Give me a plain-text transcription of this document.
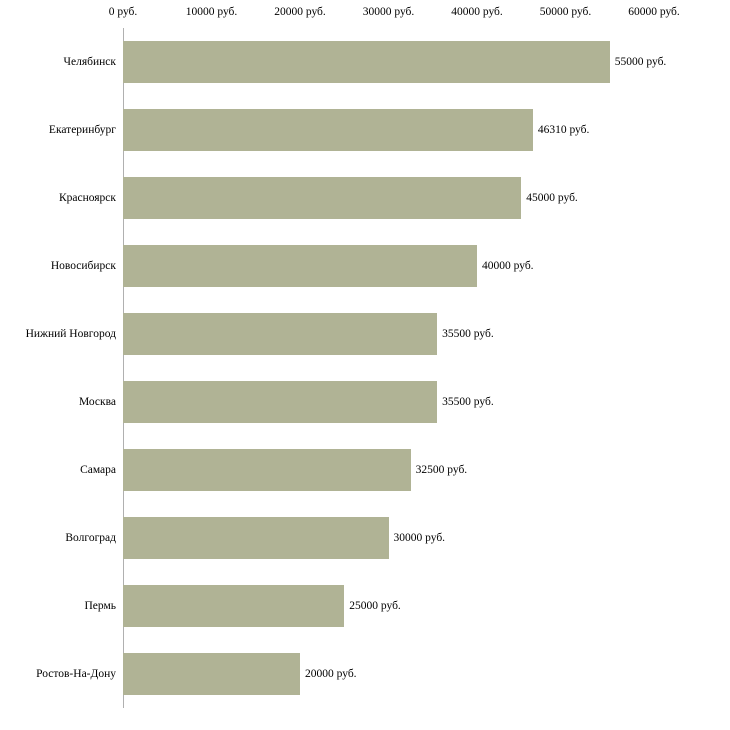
0 руб.	10000 руб.	20000 руб.	30000 руб.	40000 руб.	50000 руб.	60000 руб.
Челябинск	55000 руб.
Екатеринбург	46310 руб.
Красноярск	45000 руб.
Новосибирск	40000 руб.
Нижний Новгород	35500 руб.
Москва	35500 руб.
Самара	32500 руб.
Волгоград	30000 руб.
Пермь	25000 руб.
Ростов-На-Дону	20000 руб.
